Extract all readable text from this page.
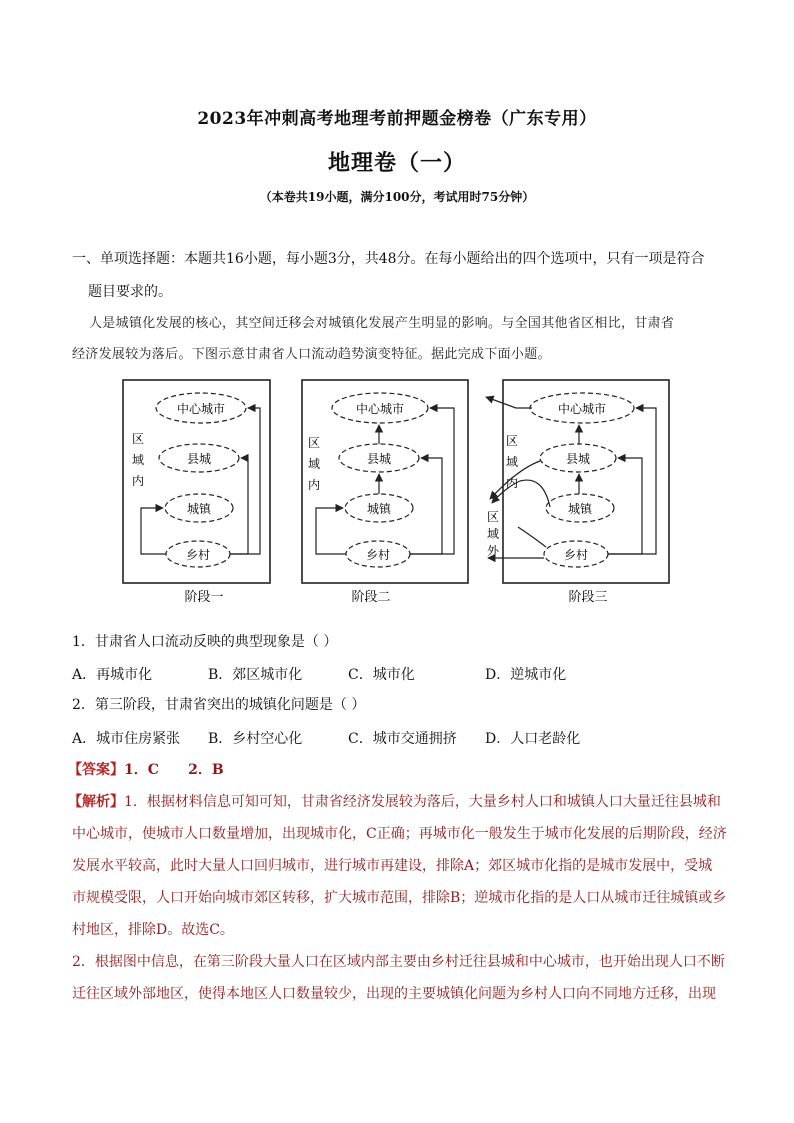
2023年冲刺高考地理考前押题金榜卷（广东专用）
地理卷（一）
（本卷共19小题，满分100分，考试用时75分钟）
一、单项选择题：本题共16小题，每小题3分，共48分。在每小题给出的四个选项中，只有一项是符合
题目要求的。
人是城镇化发展的核心，其空间迁移会对城镇化发展产生明显的影响。与全国其他省区相比，甘肃省
经济发展较为落后。下图示意甘肃省人口流动趋势演变特征。据此完成下面小题。
中心城市
县城
城镇
乡村
区
域
内
阶段一
中心城市
县城
城镇
乡村
区
域
内
阶段二
中心城市
县城
城镇
乡村
区
域
内
区
域
外
阶段三
1．甘肃省人口流动反映的典型现象是（ ）
A．再城市化	B．郊区城市化	C．城市化	D．逆城市化
2．第三阶段，甘肃省突出的城镇化问题是（ ）
A．城市住房紧张 B．乡村空心化	C．城市交通拥挤 D．人口老龄化
【答案】1．C      2．B
【解析】1．根据材料信息可知可知，甘肃省经济发展较为落后，大量乡村人口和城镇人口大量迁往县城和
中心城市，使城市人口数量增加，出现城市化，C正确；再城市化一般发生于城市化发展的后期阶段，经济
发展水平较高，此时大量人口回归城市，进行城市再建设，排除A；郊区城市化指的是城市发展中，受城
市规模受限，人口开始向城市郊区转移，扩大城市范围，排除B；逆城市化指的是人口从城市迁往城镇或乡
村地区，排除D。故选C。
2．根据图中信息，在第三阶段大量人口在区域内部主要由乡村迁往县城和中心城市，也开始出现人口不断
迁往区域外部地区，使得本地区人口数量较少，出现的主要城镇化问题为乡村人口向不同地方迁移，出现
